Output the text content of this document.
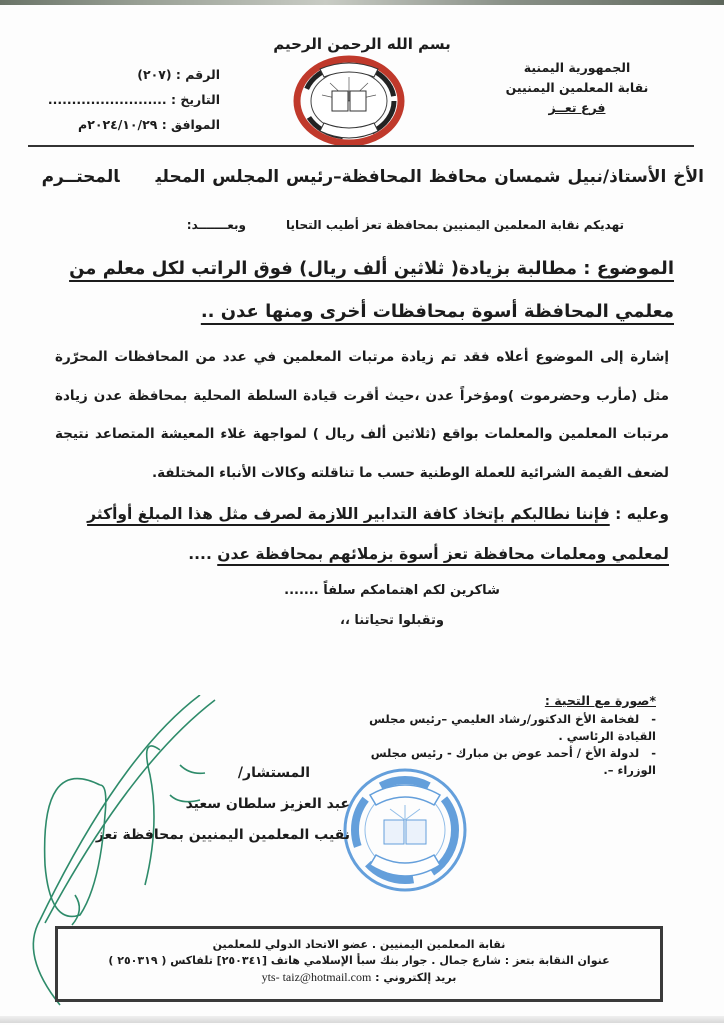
بسم الله الرحمن الرحيم
الجمهورية اليمنية
نقابة المعلمين اليمنيين
فرع تعــز
الرقم : (٢٠٧)
التاريخ : .........................
الموافق : ٢٠٢٤/١٠/٢٩م
الأخ الأستاذ/نبيل شمسان محافظ المحافظة–رئيس المجلس المحليالمحتــرم
تهديكم نقابة المعلمين اليمنيين بمحافظة تعز أطيب التحاياوبعـــــــد:
الموضوع : مطالبة بزيادة( ثلاثين ألف ريال) فوق الراتب لكل معلم من معلمي المحافظة أسوة بمحافظات أخرى ومنها عدن ..
إشارة إلى الموضوع أعلاه فقد تم زيادة مرتبات المعلمين في عدد من المحافظات المحرّرة مثل (مأرب وحضرموت )ومؤخراً عدن ،حيث أقرت قيادة السلطة المحلية بمحافظة عدن زيادة مرتبات المعلمين والمعلمات بواقع (ثلاثين ألف ريال ) لمواجهة غلاء المعيشة المتصاعد نتيجة لضعف القيمة الشرائية للعملة الوطنية حسب ما تناقلته وكالات الأنباء المختلفة.
وعليه : فإننا نطالبكم بإتخاذ كافة التدابير اللازمة لصرف مثل هذا المبلغ أوأكثر لمعلمي ومعلمات محافظة تعز أسوة بزملائهم بمحافظة عدن ....
شاكرين لكم اهتمامكم سلفاً .......
وتقبلوا تحياتنا ،،
*صورة مع التحية :
- لفخامة الأخ الدكتور/رشاد العليمي –رئيس مجلس القيادة الرئاسي .
- لدولة الأخ / أحمد عوض بن مبارك - رئيس مجلس الوزراء –.
المستشار/
عبد العزيز سلطان سعيد
نقيب المعلمين اليمنيين بمحافظة تعز
نقابة المعلمين اليمنيين . عضو الاتحاد الدولي للمعلمين
عنوان النقابة بتعز : شارع جمال . جوار بنك سبأ الإسلامي هاتف [٢٥٠٣٤١] تلفاكس ( ٢٥٠٣١٩ )
بريد إلكتروني : yts- taiz@hotmail.com
